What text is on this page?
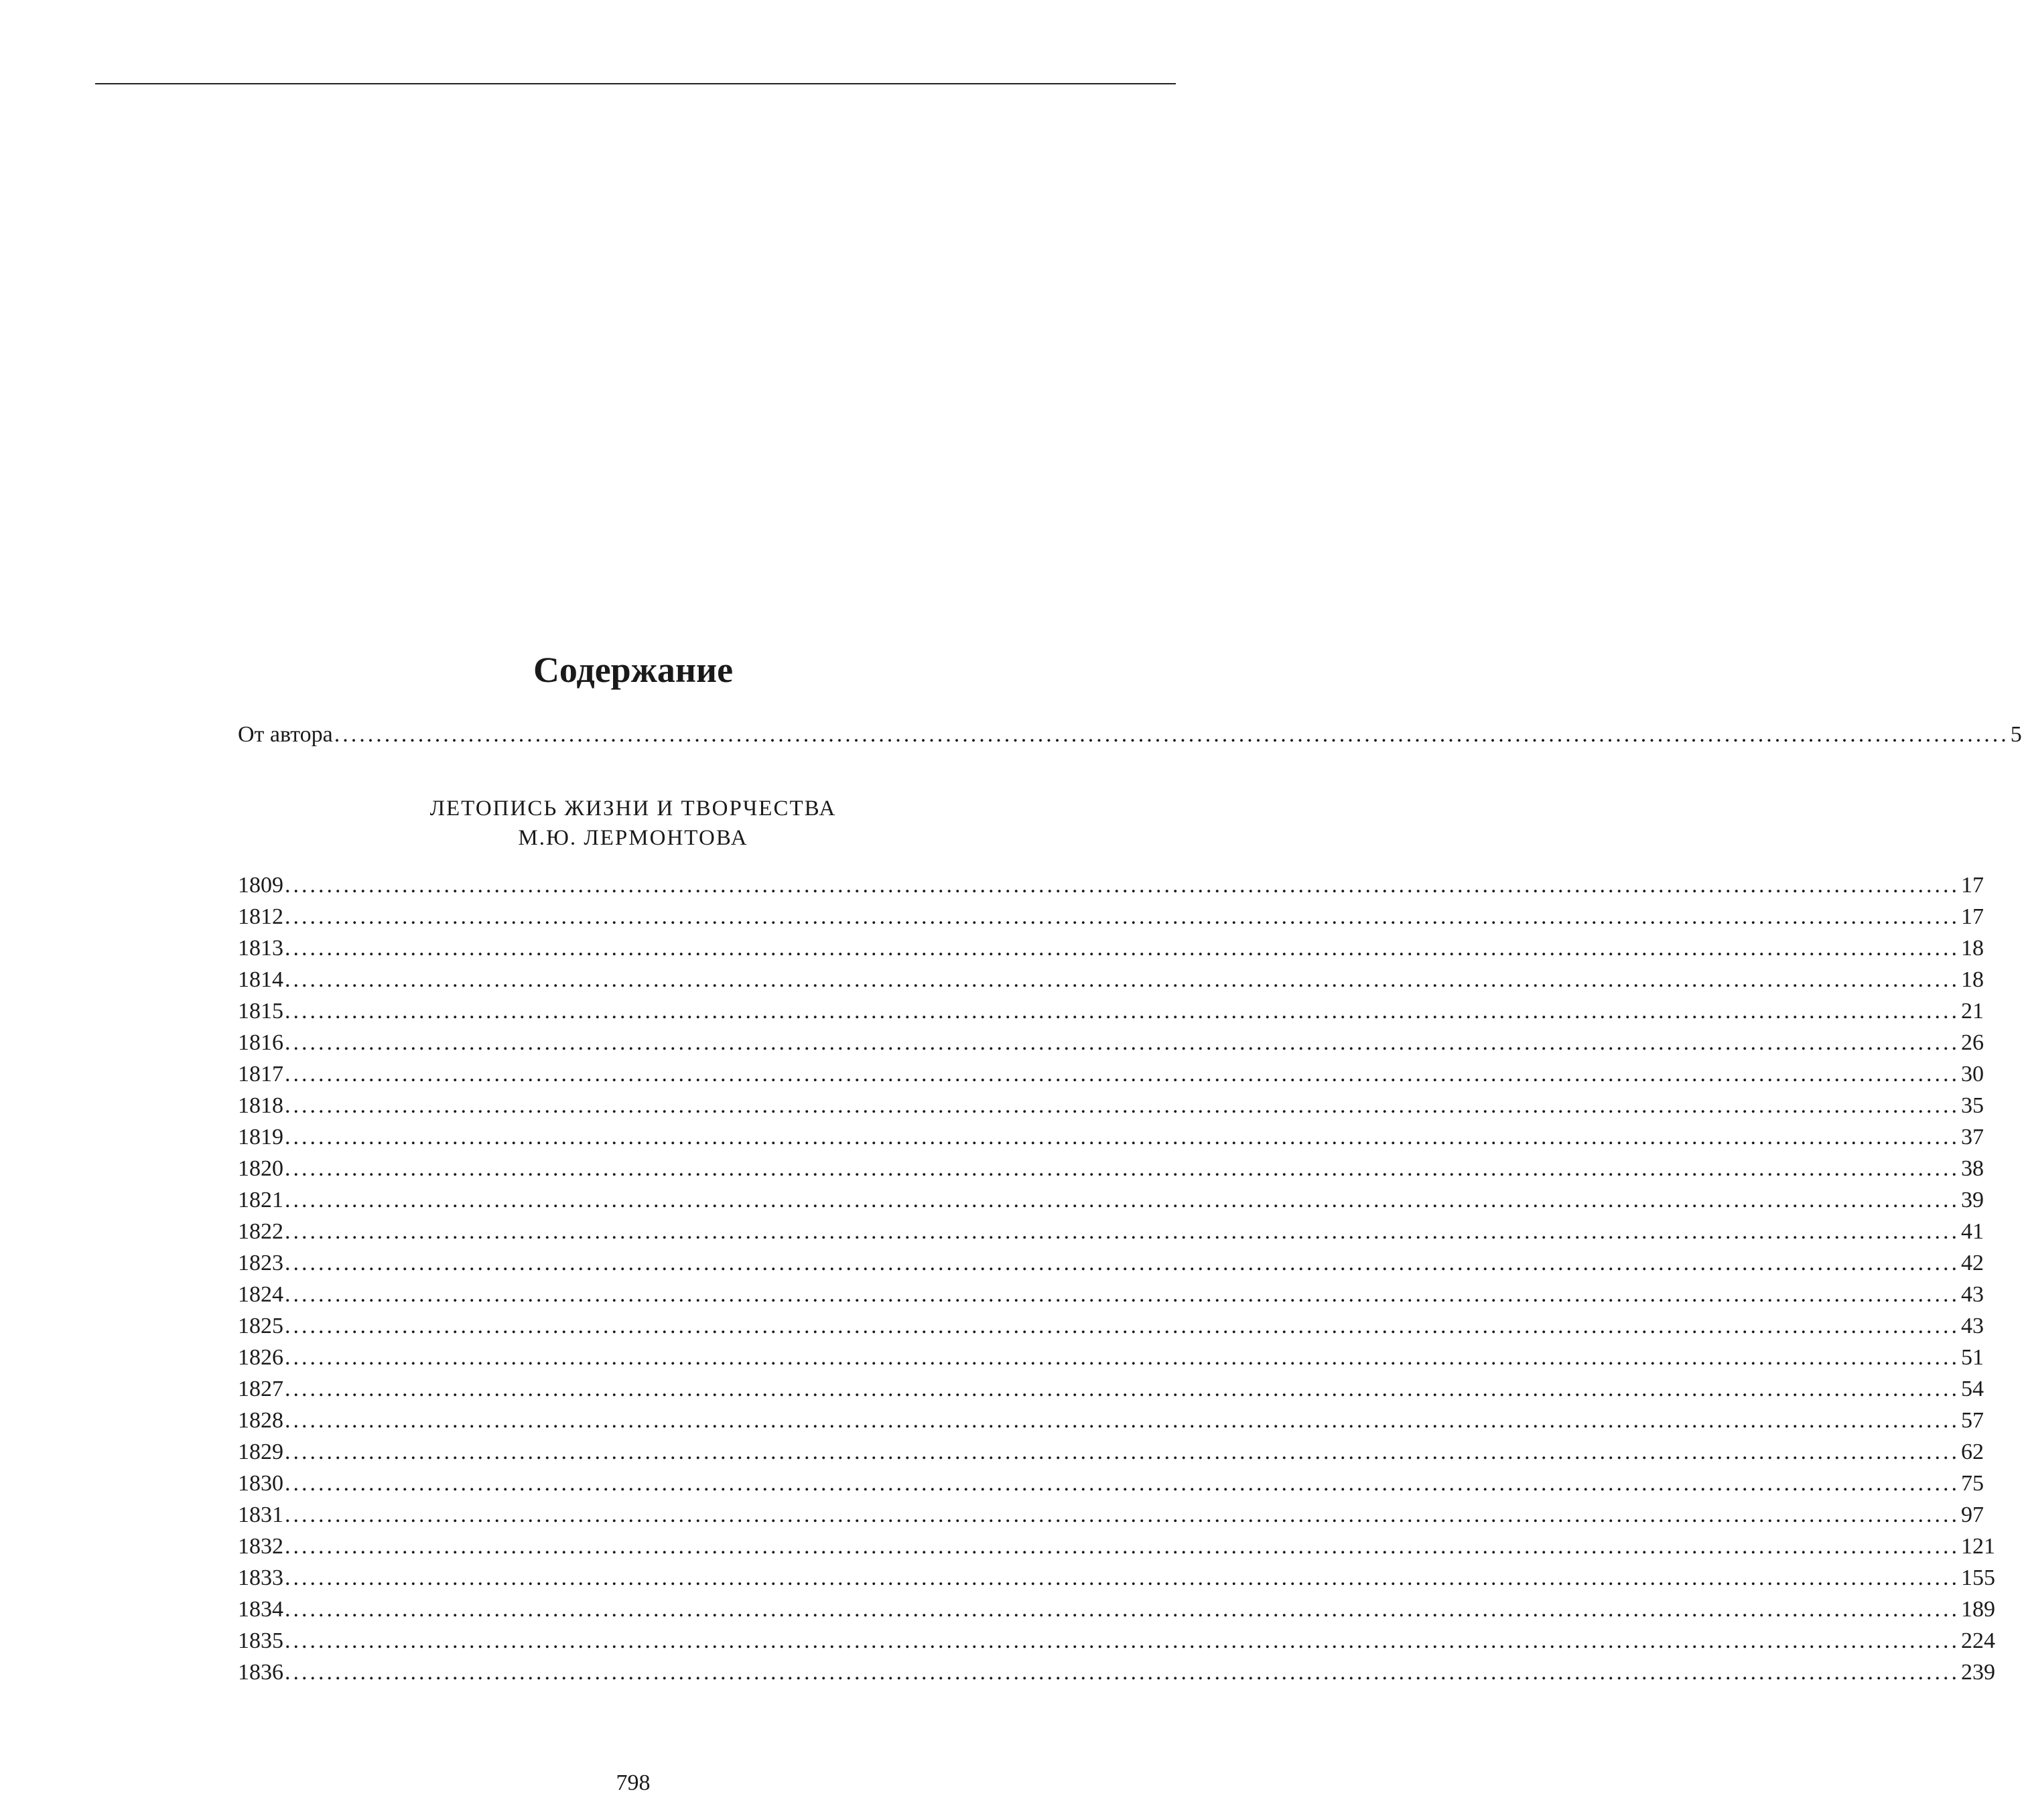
Содержание
От автора ........................................................................................................................................................................................................ 5
ЛЕТОПИСЬ ЖИЗНИ И ТВОРЧЕСТВА
М.Ю. ЛЕРМОНТОВА
1809 ........................................................................................................................................................................................................ 17
1812 ........................................................................................................................................................................................................ 17
1813 ........................................................................................................................................................................................................ 18
1814 ........................................................................................................................................................................................................ 18
1815 ........................................................................................................................................................................................................ 21
1816 ........................................................................................................................................................................................................ 26
1817 ........................................................................................................................................................................................................ 30
1818 ........................................................................................................................................................................................................ 35
1819 ........................................................................................................................................................................................................ 37
1820 ........................................................................................................................................................................................................ 38
1821 ........................................................................................................................................................................................................ 39
1822 ........................................................................................................................................................................................................ 41
1823 ........................................................................................................................................................................................................ 42
1824 ........................................................................................................................................................................................................ 43
1825 ........................................................................................................................................................................................................ 43
1826 ........................................................................................................................................................................................................ 51
1827 ........................................................................................................................................................................................................ 54
1828 ........................................................................................................................................................................................................ 57
1829 ........................................................................................................................................................................................................ 62
1830 ........................................................................................................................................................................................................ 75
1831 ........................................................................................................................................................................................................ 97
1832 ........................................................................................................................................................................................................ 121
1833 ........................................................................................................................................................................................................ 155
1834 ........................................................................................................................................................................................................ 189
1835 ........................................................................................................................................................................................................ 224
1836 ........................................................................................................................................................................................................ 239
798
